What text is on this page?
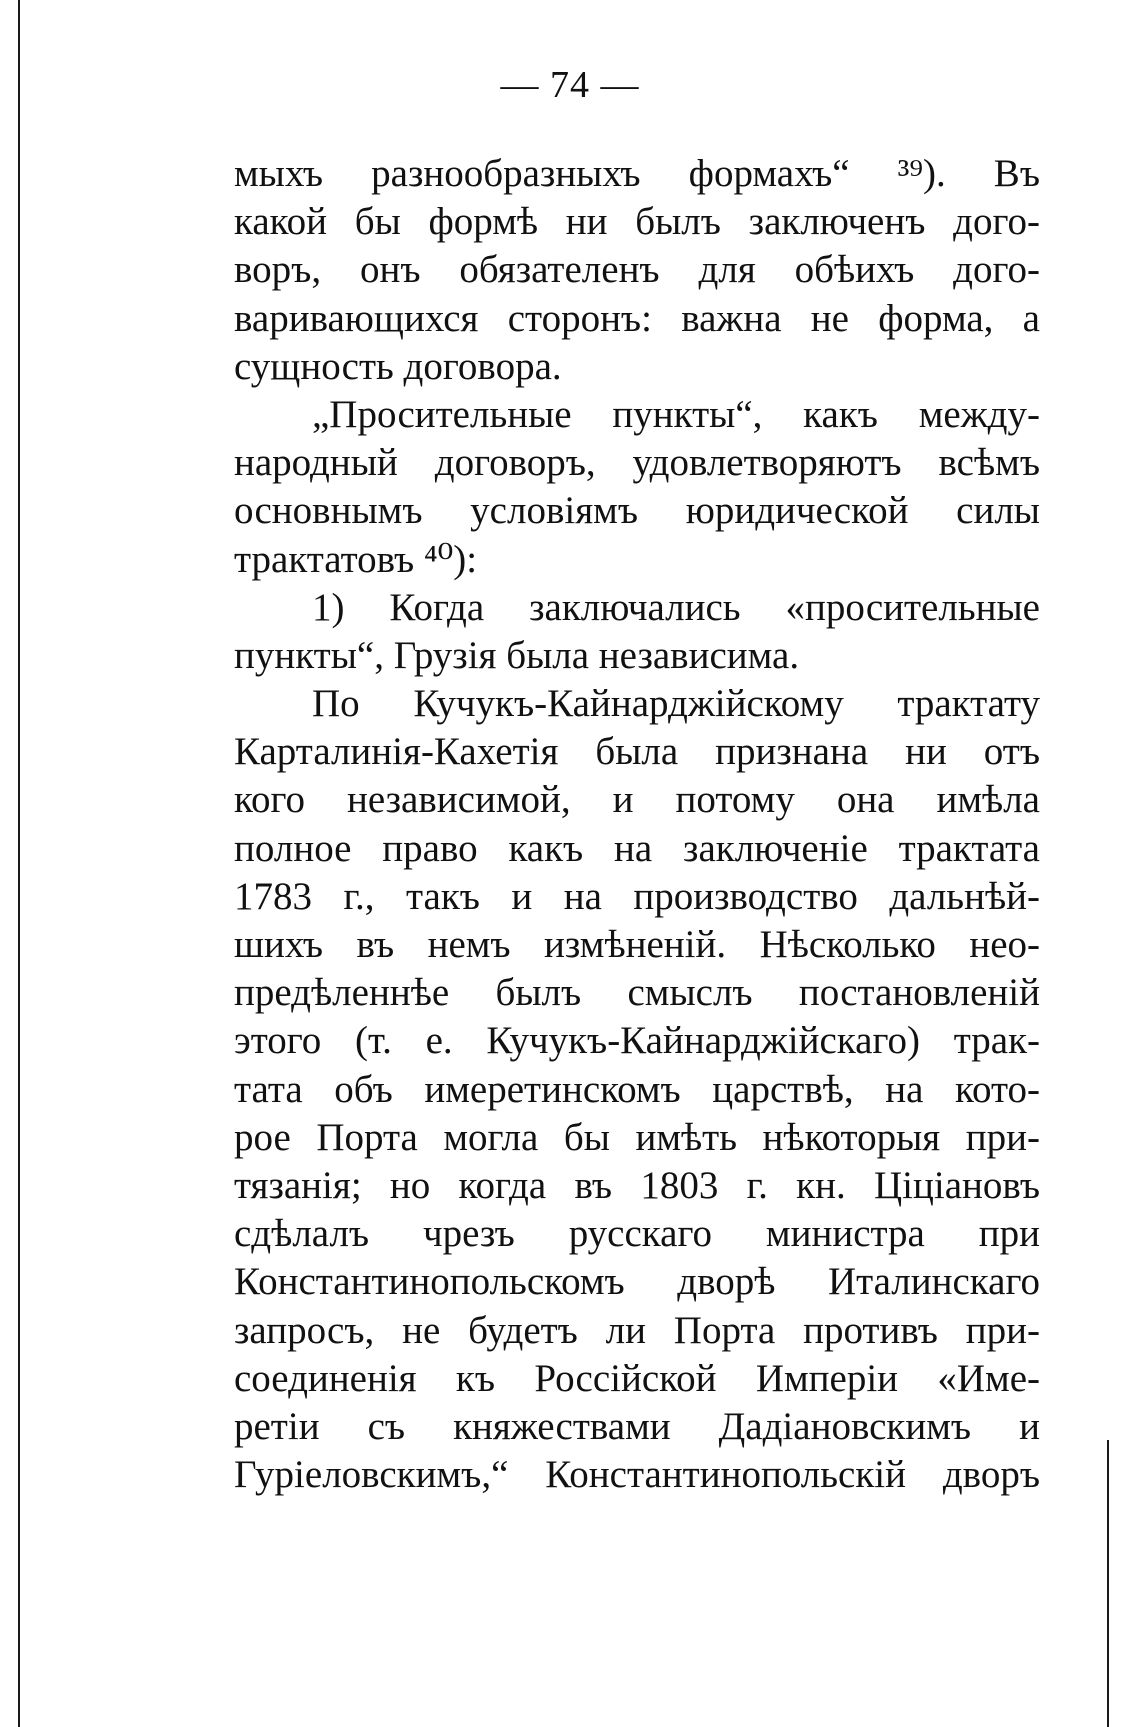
— 74 —
мыхъ разнообразныхъ формахъ“ ³⁹). Въ
какой бы формѣ ни былъ заключенъ дого-
воръ, онъ обязателенъ для обѣихъ дого-
варивающихся сторонъ: важна не форма, а
сущность договора.
„Просительные пункты“, какъ между-
народный договоръ, удовлетворяютъ всѣмъ
основнымъ условіямъ юридической силы
трактатовъ ⁴⁰):
1) Когда заключались «просительные
пункты“, Грузія была независима.
По Кучукъ-Кайнарджійскому трактату
Карталинія-Кахетія была признана ни отъ
кого независимой, и потому она имѣла
полное право какъ на заключеніе трактата
1783 г., такъ и на производство дальнѣй-
шихъ въ немъ измѣненій. Нѣсколько нео-
предѣленнѣе былъ смыслъ постановленій
этого (т. е. Кучукъ-Кайнарджійскаго) трак-
тата объ имеретинскомъ царствѣ, на кото-
рое Порта могла бы имѣть нѣкоторыя при-
тязанія; но когда въ 1803 г. кн. Ціціановъ
сдѣлалъ чрезъ русскаго министра при
Константинопольскомъ дворѣ Италинскаго
запросъ, не будетъ ли Порта противъ при-
соединенія къ Россійской Имперіи «Име-
ретіи съ княжествами Дадіановскимъ и
Гуріеловскимъ,“ Константинопольскій дворъ
